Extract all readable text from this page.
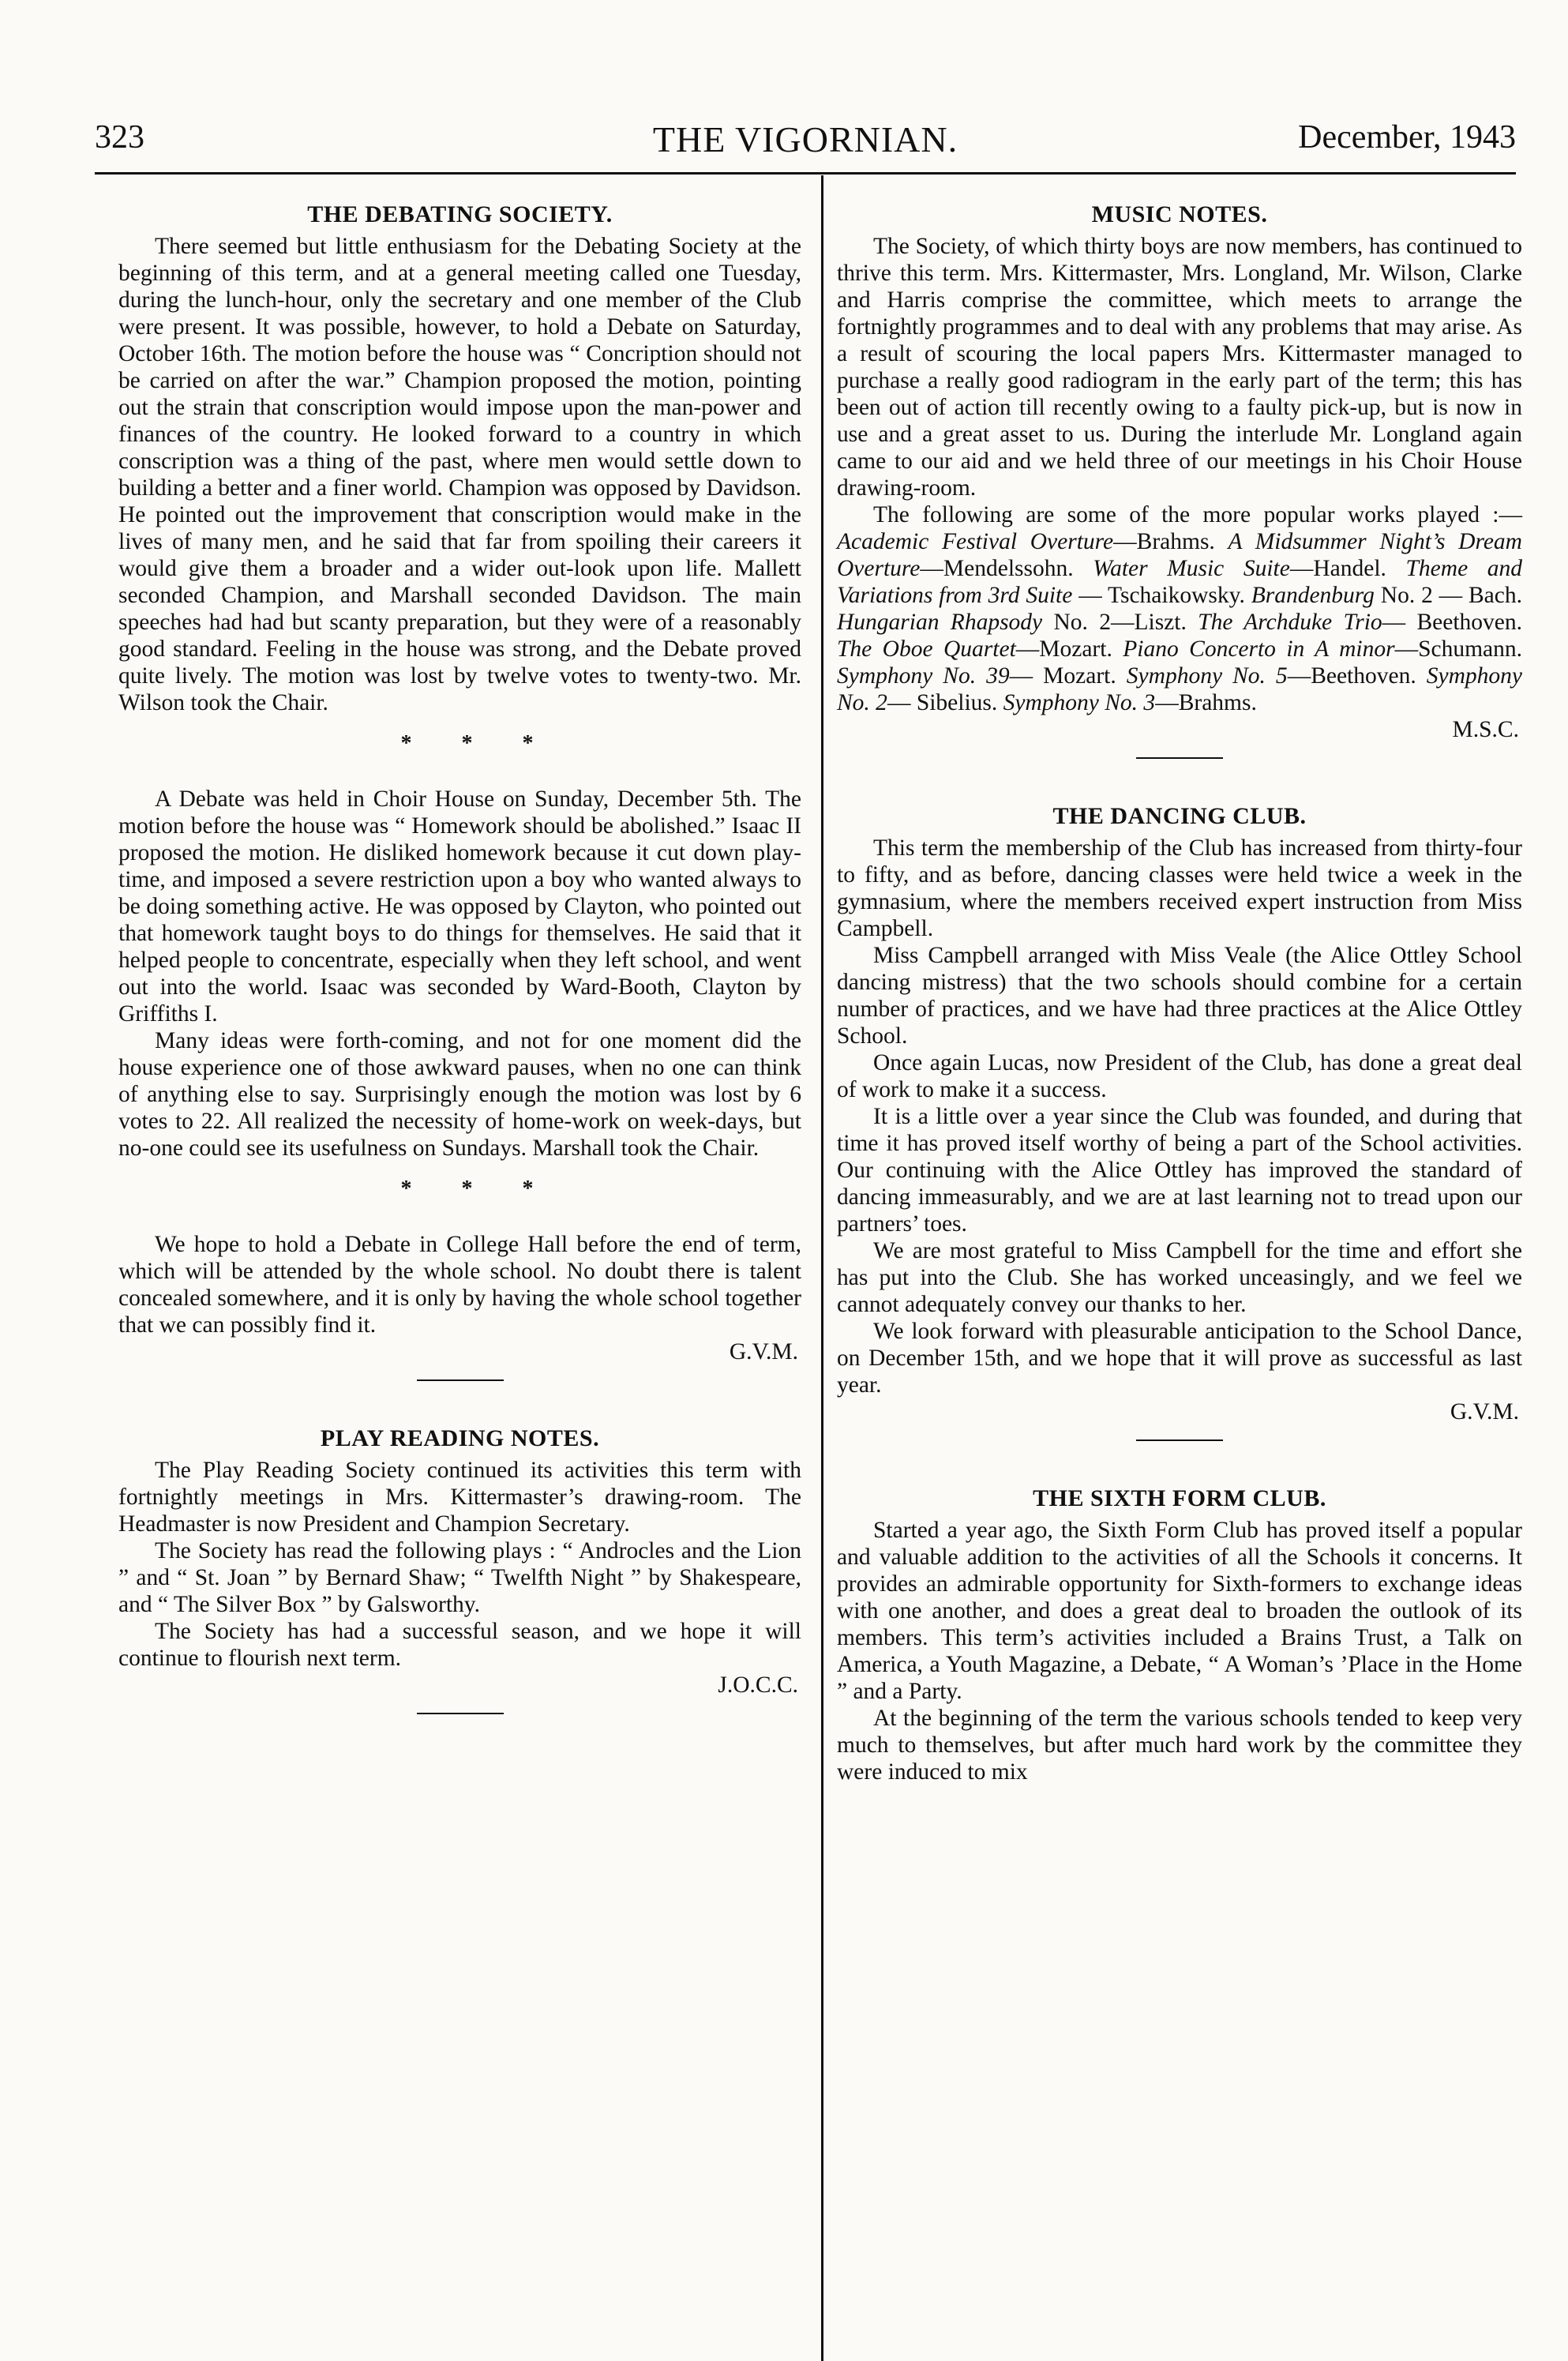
323	THE VIGORNIAN.	December, 1943
THE DEBATING SOCIETY.

There seemed but little enthusiasm for the Debating Society at the beginning of this term, and at a general meeting called one Tuesday, during the lunch-hour, only the secretary and one member of the Club were present. It was possible, however, to hold a Debate on Saturday, October 16th. The motion before the house was “ Concription should not be carried on after the war.” Champion proposed the motion, pointing out the strain that conscription would impose upon the man-power and finances of the country. He looked forward to a country in which conscription was a thing of the past, where men would settle down to building a better and a finer world. Champion was opposed by Davidson. He pointed out the improvement that conscription would make in the lives of many men, and he said that far from spoiling their careers it would give them a broader and a wider out-look upon life. Mallett seconded Champion, and Marshall seconded Davidson. The main speeches had had but scanty preparation, but they were of a reasonably good standard. Feeling in the house was strong, and the Debate proved quite lively. The motion was lost by twelve votes to twenty-two. Mr. Wilson took the Chair.

* * *

A Debate was held in Choir House on Sunday, December 5th. The motion before the house was “ Homework should be abolished.” Isaac II proposed the motion. He disliked homework because it cut down play-time, and imposed a severe restriction upon a boy who wanted always to be doing something active. He was opposed by Clayton, who pointed out that homework taught boys to do things for themselves. He said that it helped people to concentrate, especially when they left school, and went out into the world. Isaac was seconded by Ward-Booth, Clayton by Griffiths I.

Many ideas were forth-coming, and not for one moment did the house experience one of those awkward pauses, when no one can think of anything else to say. Surprisingly enough the motion was lost by 6 votes to 22. All realized the necessity of home-work on week-days, but no-one could see its usefulness on Sundays. Marshall took the Chair.

* * *

We hope to hold a Debate in College Hall before the end of term, which will be attended by the whole school. No doubt there is talent concealed somewhere, and it is only by having the whole school together that we can possibly find it.

G.V.M.

PLAY READING NOTES.

The Play Reading Society continued its activities this term with fortnightly meetings in Mrs. Kittermaster’s drawing-room. The Headmaster is now President and Champion Secretary.

The Society has read the following plays : “ Androcles and the Lion ” and “ St. Joan ” by Bernard Shaw; “ Twelfth Night ” by Shakespeare, and “ The Silver Box ” by Galsworthy.

The Society has had a successful season, and we hope it will continue to flourish next term.

J.O.C.C.

MUSIC NOTES.

The Society, of which thirty boys are now members, has continued to thrive this term. Mrs. Kittermaster, Mrs. Longland, Mr. Wilson, Clarke and Harris comprise the committee, which meets to arrange the fortnightly programmes and to deal with any problems that may arise. As a result of scouring the local papers Mrs. Kittermaster managed to purchase a really good radiogram in the early part of the term; this has been out of action till recently owing to a faulty pick-up, but is now in use and a great asset to us. During the interlude Mr. Longland again came to our aid and we held three of our meetings in his Choir House drawing-room.

The following are some of the more popular works played :—Academic Festival Overture—Brahms. A Midsummer Night’s Dream Overture—Mendelssohn. Water Music Suite—Handel. Theme and Variations from 3rd Suite — Tschaikowsky. Brandenburg No. 2 — Bach. Hungarian Rhapsody No. 2—Liszt. The Archduke Trio— Beethoven. The Oboe Quartet—Mozart. Piano Concerto in A minor—Schumann. Symphony No. 39— Mozart. Symphony No. 5—Beethoven. Symphony No. 2— Sibelius. Symphony No. 3—Brahms.

M.S.C.

THE DANCING CLUB.

This term the membership of the Club has increased from thirty-four to fifty, and as before, dancing classes were held twice a week in the gymnasium, where the members received expert instruction from Miss Campbell.

Miss Campbell arranged with Miss Veale (the Alice Ottley School dancing mistress) that the two schools should combine for a certain number of practices, and we have had three practices at the Alice Ottley School.

Once again Lucas, now President of the Club, has done a great deal of work to make it a success.

It is a little over a year since the Club was founded, and during that time it has proved itself worthy of being a part of the School activities. Our continuing with the Alice Ottley has improved the standard of dancing immeasurably, and we are at last learning not to tread upon our partners’ toes.

We are most grateful to Miss Campbell for the time and effort she has put into the Club. She has worked unceasingly, and we feel we cannot adequately convey our thanks to her.

We look forward with pleasurable anticipation to the School Dance, on December 15th, and we hope that it will prove as successful as last year.

G.V.M.

THE SIXTH FORM CLUB.

Started a year ago, the Sixth Form Club has proved itself a popular and valuable addition to the activities of all the Schools it concerns. It provides an admirable opportunity for Sixth-formers to exchange ideas with one another, and does a great deal to broaden the outlook of its members. This term’s activities included a Brains Trust, a Talk on America, a Youth Magazine, a Debate, “ A Woman’s ’Place in the Home ” and a Party.

At the beginning of the term the various schools tended to keep very much to themselves, but after much hard work by the committee they were induced to mix
